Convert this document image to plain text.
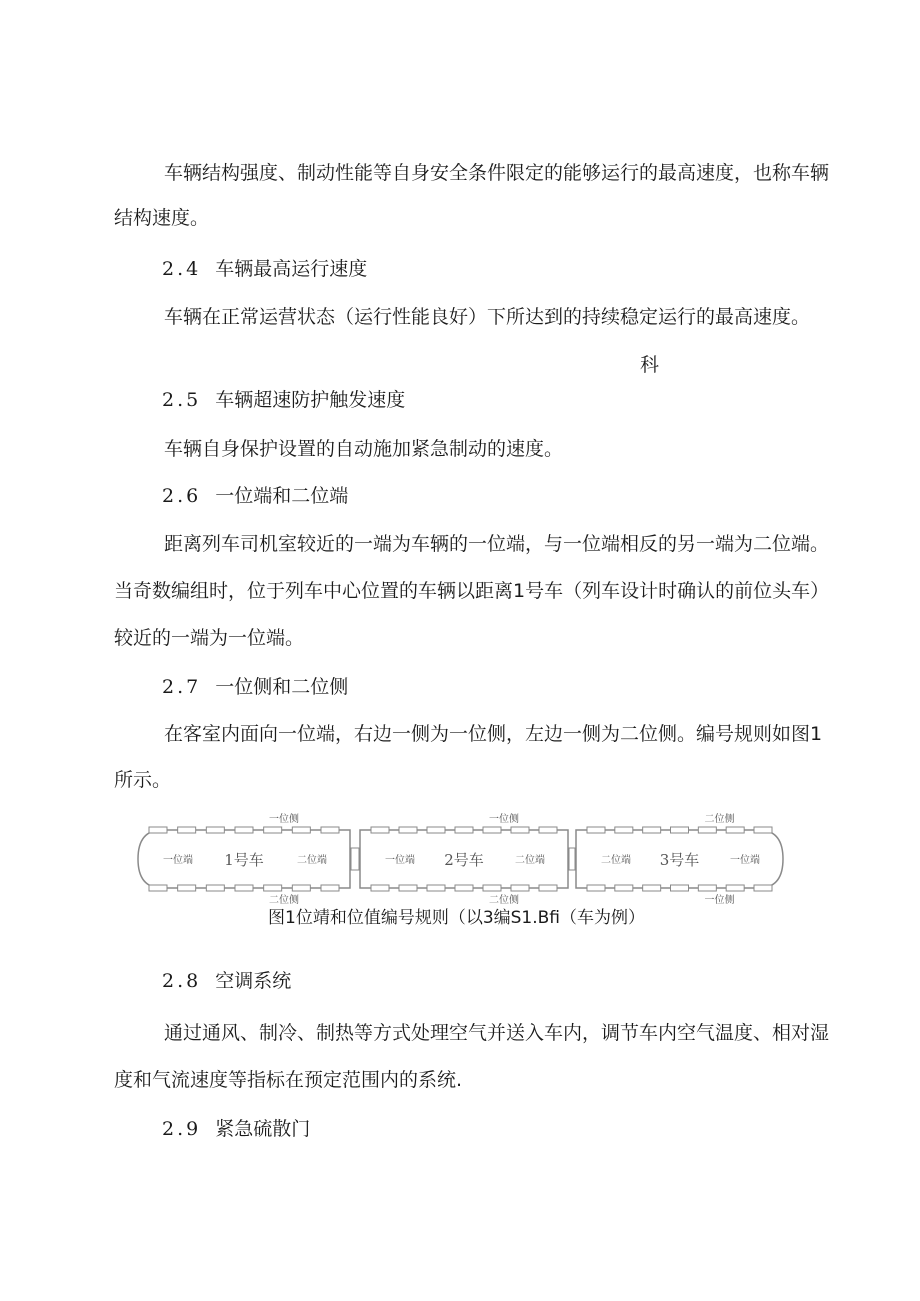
车辆结构强度、制动性能等自身安全条件限定的能够运行的最高速度，也称车辆
结构速度。
2.4 车辆最高运行速度
车辆在正常运营状态（运行性能良好）下所达到的持续稳定运行的最高速度。
科
2.5 车辆超速防护触发速度
车辆自身保护设置的自动施加紧急制动的速度。
2.6 一位端和二位端
距离列车司机室较近的一端为车辆的一位端，与一位端相反的另一端为二位端。
当奇数编组时，位于列车中心位置的车辆以距离1号车（列车设计时确认的前位头车）
较近的一端为一位端。
2.7 一位侧和二位侧
在客室内面向一位端，右边一侧为一位侧，左边一侧为二位侧。编号规则如图1
所示。
1号车
一位端	二位端
一位侧
二位侧
2号车
一位端	二位端
一位侧
二位侧
3号车
二位端	一位端
二位侧
一位侧
图1位靖和位值编号规则（以3编S1.Bfi（车为例）
2.8 空调系统
通过通风、制冷、制热等方式处理空气并送入车内，调节车内空气温度、相对湿
度和气流速度等指标在预定范围内的系统.
2.9 紧急硫散门
